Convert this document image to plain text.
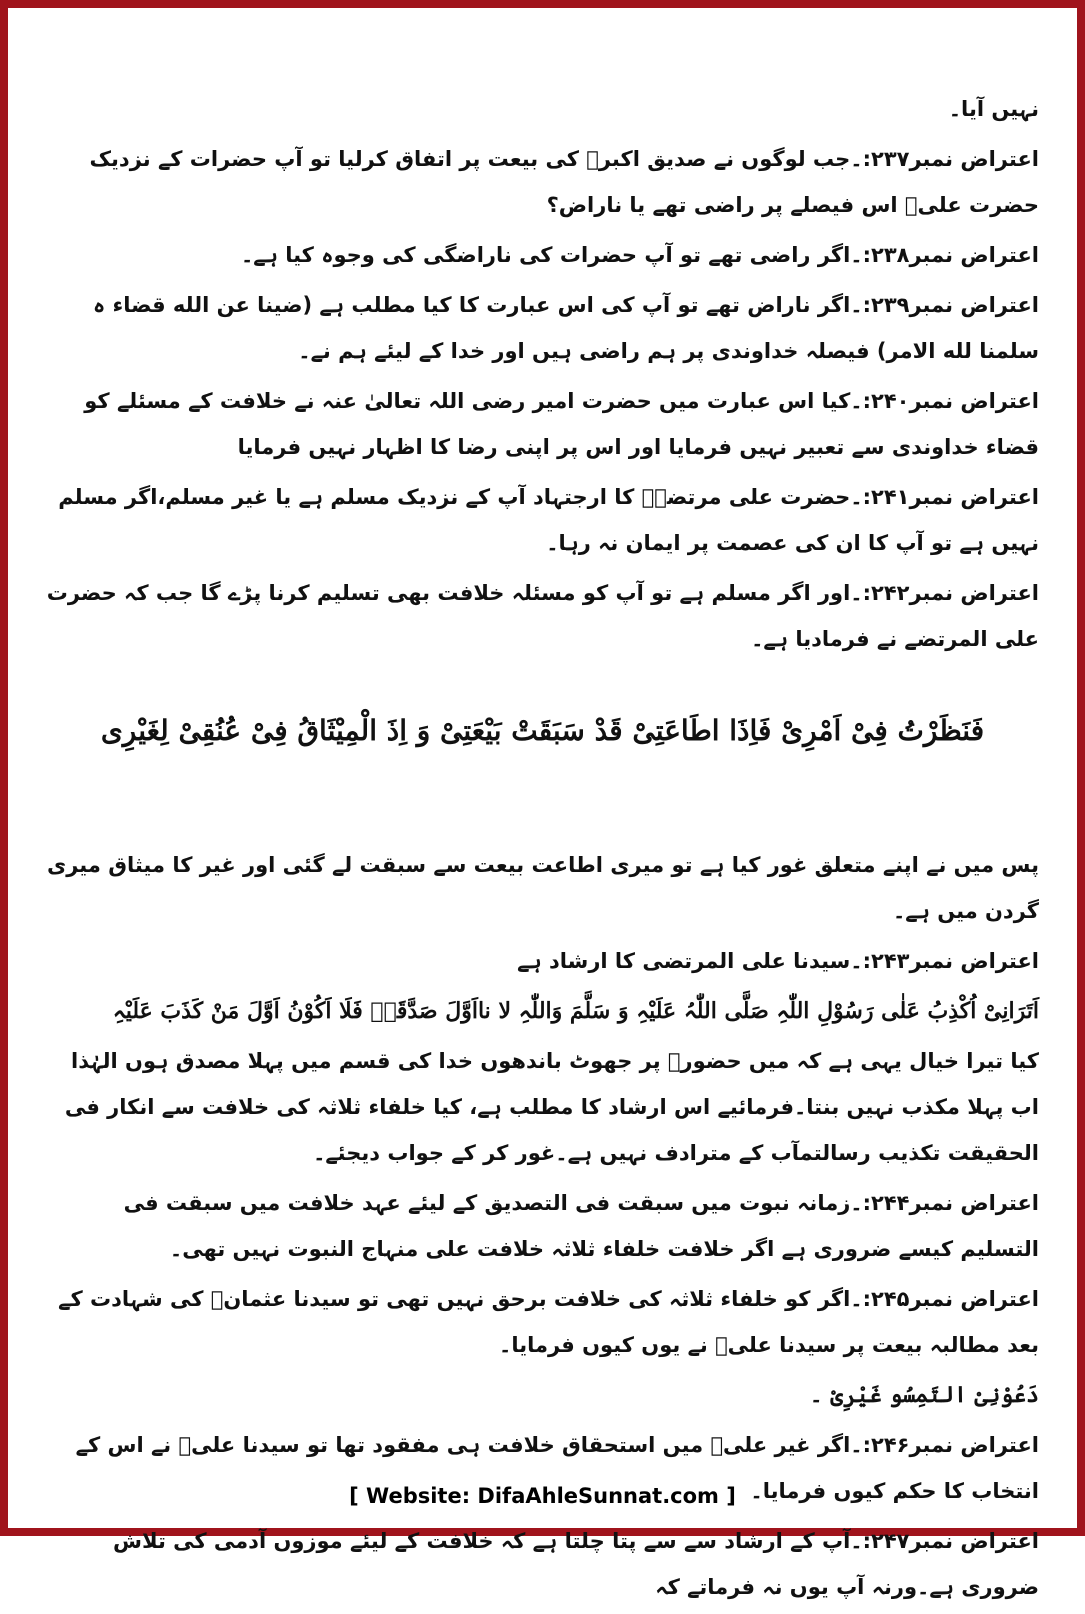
نہیں آیا۔

اعتراض نمبر۲۳۷:۔جب لوگوں نے صدیق اکبرؓ کی بیعت پر اتفاق کرلیا تو آپ حضرات کے نزدیک حضرت علیؓ اس فیصلے پر راضی تھے یا ناراض؟

اعتراض نمبر۲۳۸:۔اگر راضی تھے تو آپ حضرات کی ناراضگی کی وجوہ کیا ہے۔

اعتراض نمبر۲۳۹:۔اگر ناراض تھے تو آپ کی اس عبارت کا کیا مطلب ہے (ضینا عن الله قضاء ہ سلمنا لله الامر) فیصلہ خداوندی پر ہم راضی ہیں اور خدا کے لیئے ہم نے۔

اعتراض نمبر۲۴۰:۔کیا اس عبارت میں حضرت امیر رضی اللہ تعالیٰ عنہ نے خلافت کے مسئلے کو قضاء خداوندی سے تعبیر نہیں فرمایا اور اس پر اپنی رضا کا اظہار نہیں فرمایا

اعتراض نمبر۲۴۱:۔حضرت علی مرتضےؓ کا ارجتہاد آپ کے نزدیک مسلم ہے یا غیر مسلم،اگر مسلم نہیں ہے تو آپ کا ان کی عصمت پر ایمان نہ رہا۔

اعتراض نمبر۲۴۲:۔اور اگر مسلم ہے تو آپ کو مسئلہ خلافت بھی تسلیم کرنا پڑے گا جب کہ حضرت علی المرتضے نے فرمادیا ہے۔

فَنَظَرْتُ فِیْ اَمْرِیْ فَاِذَا اطَاعَتِیْ قَدْ سَبَقَتْ بَیْعَتِیْ وَ اِذَ الْمِیْثَاقُ فِیْ عُنُقِیْ لِغَیْرِی

پس میں نے اپنے متعلق غور کیا ہے تو میری اطاعت بیعت سے سبقت لے گئی اور غیر کا میثاق میری گردن میں ہے۔

اعتراض نمبر۲۴۳:۔سیدنا علی المرتضی کا ارشاد ہے

اَتَرَانِیْ اُکْذِبُ عَلٰی رَسُوْلِ اللّٰہِ صَلَّی اللّٰہُ عَلَیْہِ وَ سَلَّمَ وَاللّٰہِ لا نااَوَّلَ صَدَّقَہٗ فَلَا اَکُوْنُ اَوَّلَ مَنْ کَذَبَ عَلَیْہِ

کیا تیرا خیال یہی ہے کہ میں حضورؐ پر جھوٹ باندھوں خدا کی قسم میں پہلا مصدق ہوں الہٰذا اب پہلا مکذب نہیں بنتا۔فرمائیے اس ارشاد کا مطلب ہے، کیا خلفاء ثلاثہ کی خلافت سے انکار فی الحقیقت تکذیب رسالتمآب کے مترادف نہیں ہے۔غور کر کے جواب دیجئے۔

اعتراض نمبر۲۴۴:۔زمانہ نبوت میں سبقت فی التصدیق کے لیئے عہد خلافت میں سبقت فی التسلیم کیسے ضروری ہے اگر خلافت خلفاء ثلاثہ خلافت علی منہاج النبوت نہیں تھی۔

اعتراض نمبر۲۴۵:۔اگر کو خلفاء ثلاثہ کی خلافت برحق نہیں تھی تو سیدنا عثمانؓ کی شہادت کے بعد مطالبہ بیعت پر سیدنا علیؓ نے یوں کیوں فرمایا۔

دَعُوْنِیْ التَمِسُو غَیْرِیْ ۔

اعتراض نمبر۲۴۶:۔اگر غیر علیؓ میں استحقاق خلافت ہی مفقود تھا تو سیدنا علیؓ نے اس کے انتخاب کا حکم کیوں فرمایا۔

اعتراض نمبر۲۴۷:۔آپ کے ارشاد سے سے پتا چلتا ہے کہ خلافت کے لیئے موزوں آدمی کی تلاش ضروری ہے۔ورنہ آپ یوں نہ فرماتے کہ

[ Website: DifaAhleSunnat.com ]
